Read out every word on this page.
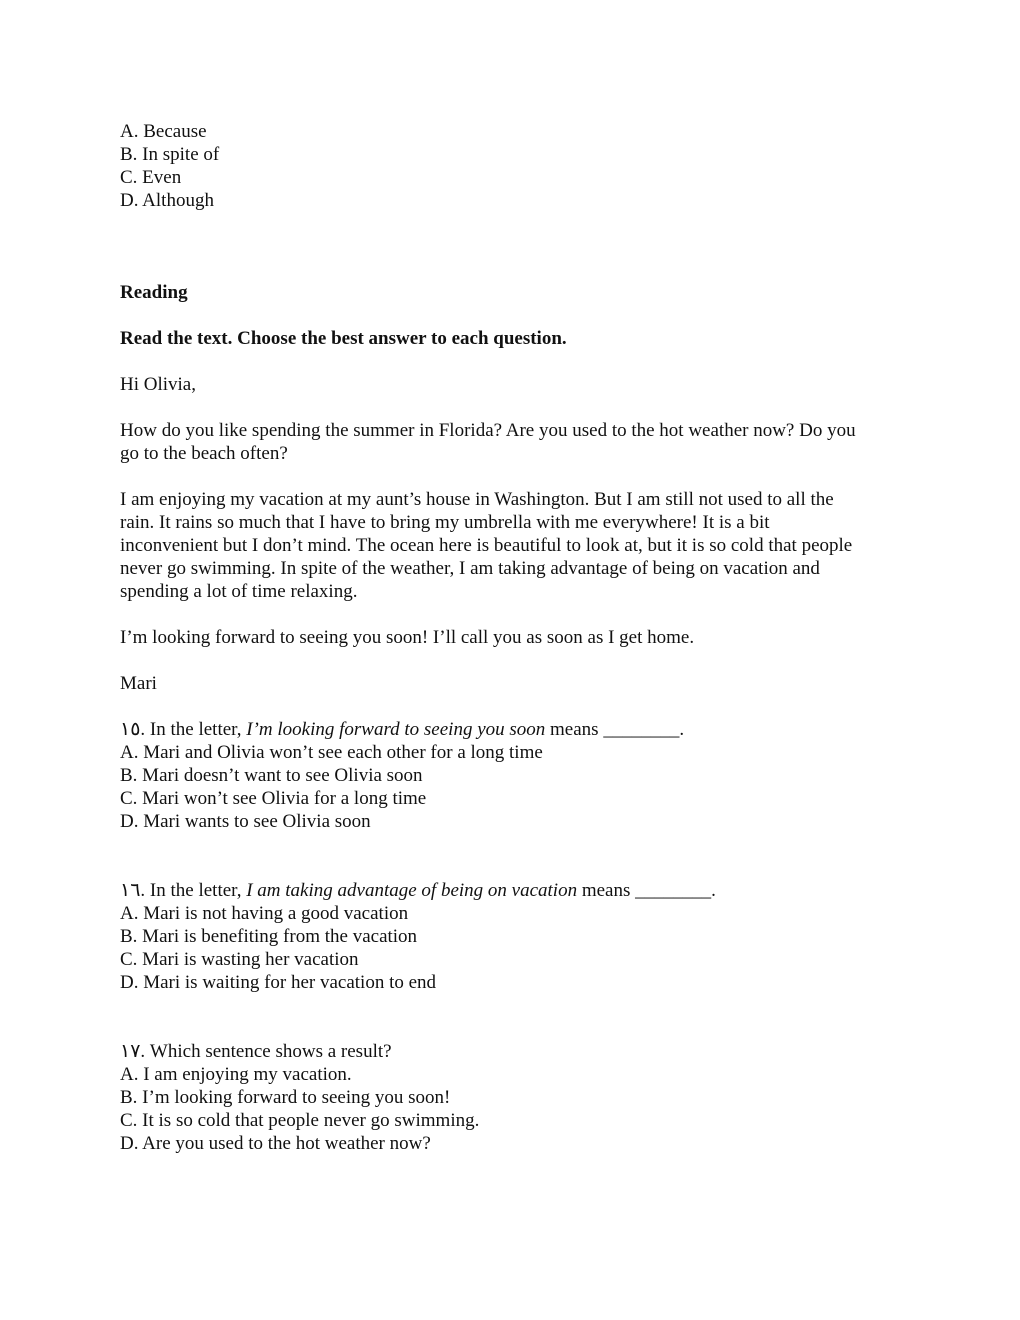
A. Because
B. In spite of
C. Even
D. Although
Reading
Read the text. Choose the best answer to each question.
Hi Olivia,
How do you like spending the summer in Florida? Are you used to the hot weather now? Do you
go to the beach often?
I am enjoying my vacation at my aunt’s house in Washington. But I am still not used to all the
rain. It rains so much that I have to bring my umbrella with me everywhere! It is a bit
inconvenient but I don’t mind. The ocean here is beautiful to look at, but it is so cold that people
never go swimming. In spite of the weather, I am taking advantage of being on vacation and
spending a lot of time relaxing.
I’m looking forward to seeing you soon! I’ll call you as soon as I get home.
Mari
١٥. In the letter, I’m looking forward to seeing you soon means ________.
A. Mari and Olivia won’t see each other for a long time
B. Mari doesn’t want to see Olivia soon
C. Mari won’t see Olivia for a long time
D. Mari wants to see Olivia soon
١٦. In the letter, I am taking advantage of being on vacation means ________.
A. Mari is not having a good vacation
B. Mari is benefiting from the vacation
C. Mari is wasting her vacation
D. Mari is waiting for her vacation to end
١٧. Which sentence shows a result?
A. I am enjoying my vacation.
B. I’m looking forward to seeing you soon!
C. It is so cold that people never go swimming.
D. Are you used to the hot weather now?
